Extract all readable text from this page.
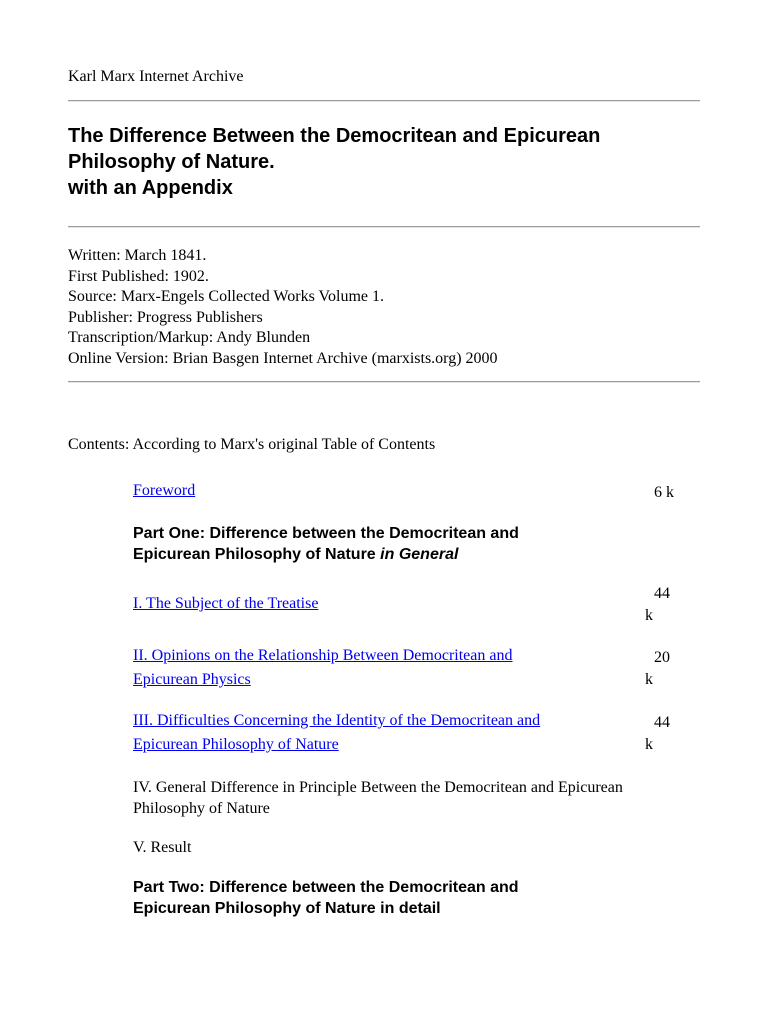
Karl Marx Internet Archive
The Difference Between the Democritean and Epicurean
Philosophy of Nature.
with an Appendix
Written: March 1841.
First Published: 1902.
Source: Marx-Engels Collected Works Volume 1.
Publisher: Progress Publishers
Transcription/Markup: Andy Blunden
Online Version: Brian Basgen Internet Archive (marxists.org) 2000
Contents: According to Marx's original Table of Contents
Foreword	6 k
Part One: Difference between the Democritean and
Epicurean Philosophy of Nature in General
I. The Subject of the Treatise
44
k
II. Opinions on the Relationship Between Democritean and
Epicurean Physics
20
k
III. Difficulties Concerning the Identity of the Democritean and
Epicurean Philosophy of Nature
44
k
IV. General Difference in Principle Between the Democritean and Epicurean
Philosophy of Nature
V. Result
Part Two: Difference between the Democritean and
Epicurean Philosophy of Nature in detail
